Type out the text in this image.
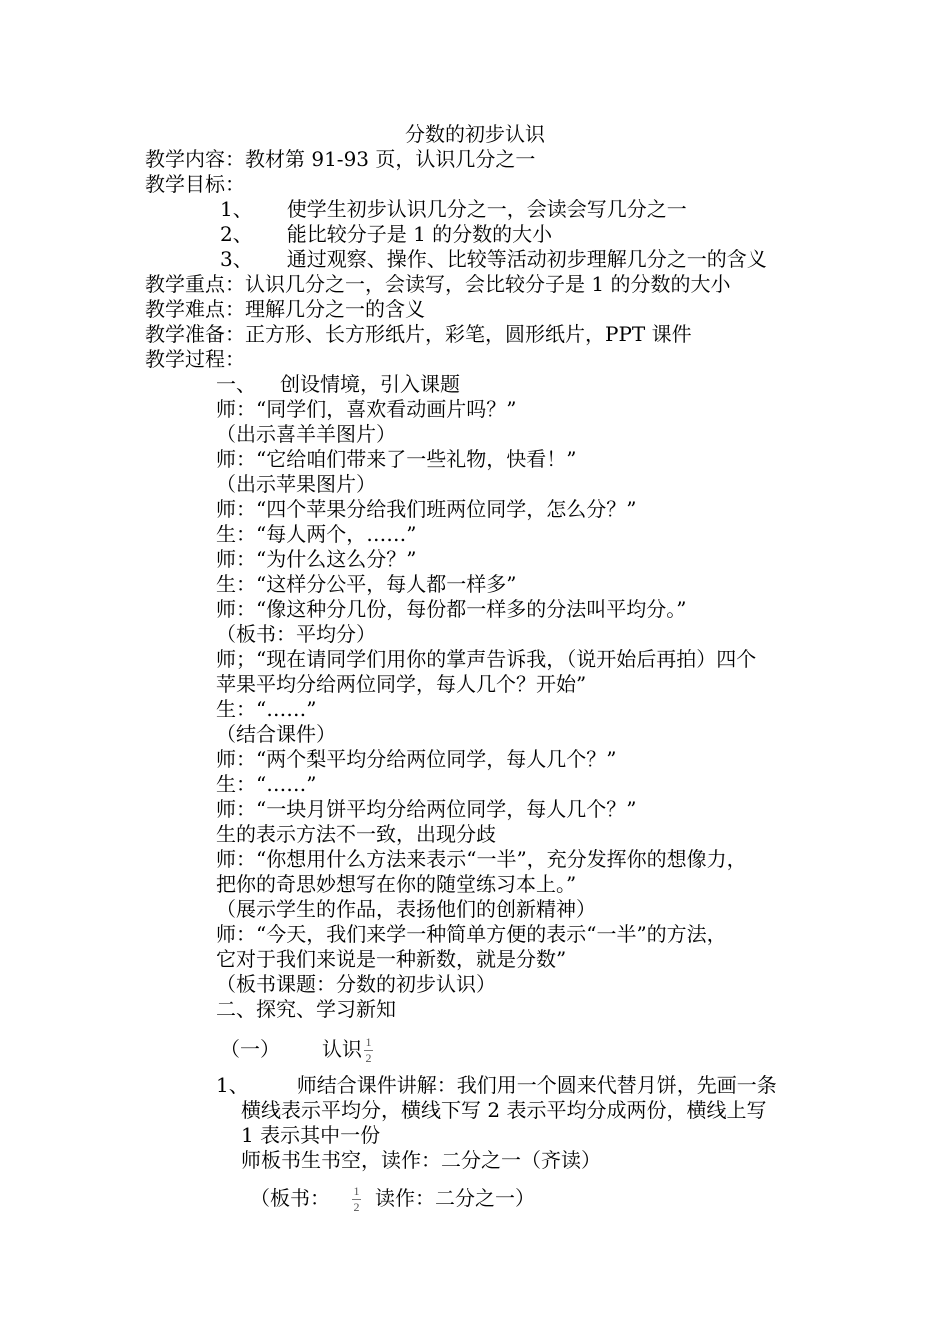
分数的初步认识
教学内容：教材第 91-93 页，认识几分之一
教学目标：
1、 使学生初步认识几分之一，会读会写几分之一
2、 能比较分子是 1 的分数的大小
3、 通过观察、操作、比较等活动初步理解几分之一的含义
教学重点：认识几分之一，会读写，会比较分子是 1 的分数的大小
教学难点：理解几分之一的含义
教学准备：正方形、长方形纸片，彩笔，圆形纸片，PPT 课件
教学过程：
一、 创设情境，引入课题
师：“同学们，喜欢看动画片吗？”
（出示喜羊羊图片）
师：“它给咱们带来了一些礼物，快看！”
（出示苹果图片）
师：“四个苹果分给我们班两位同学，怎么分？”
生：“每人两个，……”
师：“为什么这么分？”
生：“这样分公平，每人都一样多”
师：“像这种分几份，每份都一样多的分法叫平均分。”
（板书：平均分）
师；“现在请同学们用你的掌声告诉我，（说开始后再拍）四个
苹果平均分给两位同学，每人几个？开始”
生：“……”
（结合课件）
师：“两个梨平均分给两位同学，每人几个？”
生：“……”
师：“一块月饼平均分给两位同学，每人几个？”
生的表示方法不一致，出现分歧
师：“你想用什么方法来表示“一半”，充分发挥你的想像力，
把你的奇思妙想写在你的随堂练习本上。”
（展示学生的作品，表扬他们的创新精神）
师：“今天，我们来学一种简单方便的表示“一半”的方法，
它对于我们来说是一种新数，就是分数”
（板书课题：分数的初步认识）
二、探究、学习新知
（一） 认识 $\frac{1}{2}$
1、 师结合课件讲解：我们用一个圆来代替月饼，先画一条
横线表示平均分，横线下写 2 表示平均分成两份，横线上写
1 表示其中一份
师板书生书空，读作：二分之一（齐读）
（板书： $\frac{1}{2}$ 读作：二分之一）
